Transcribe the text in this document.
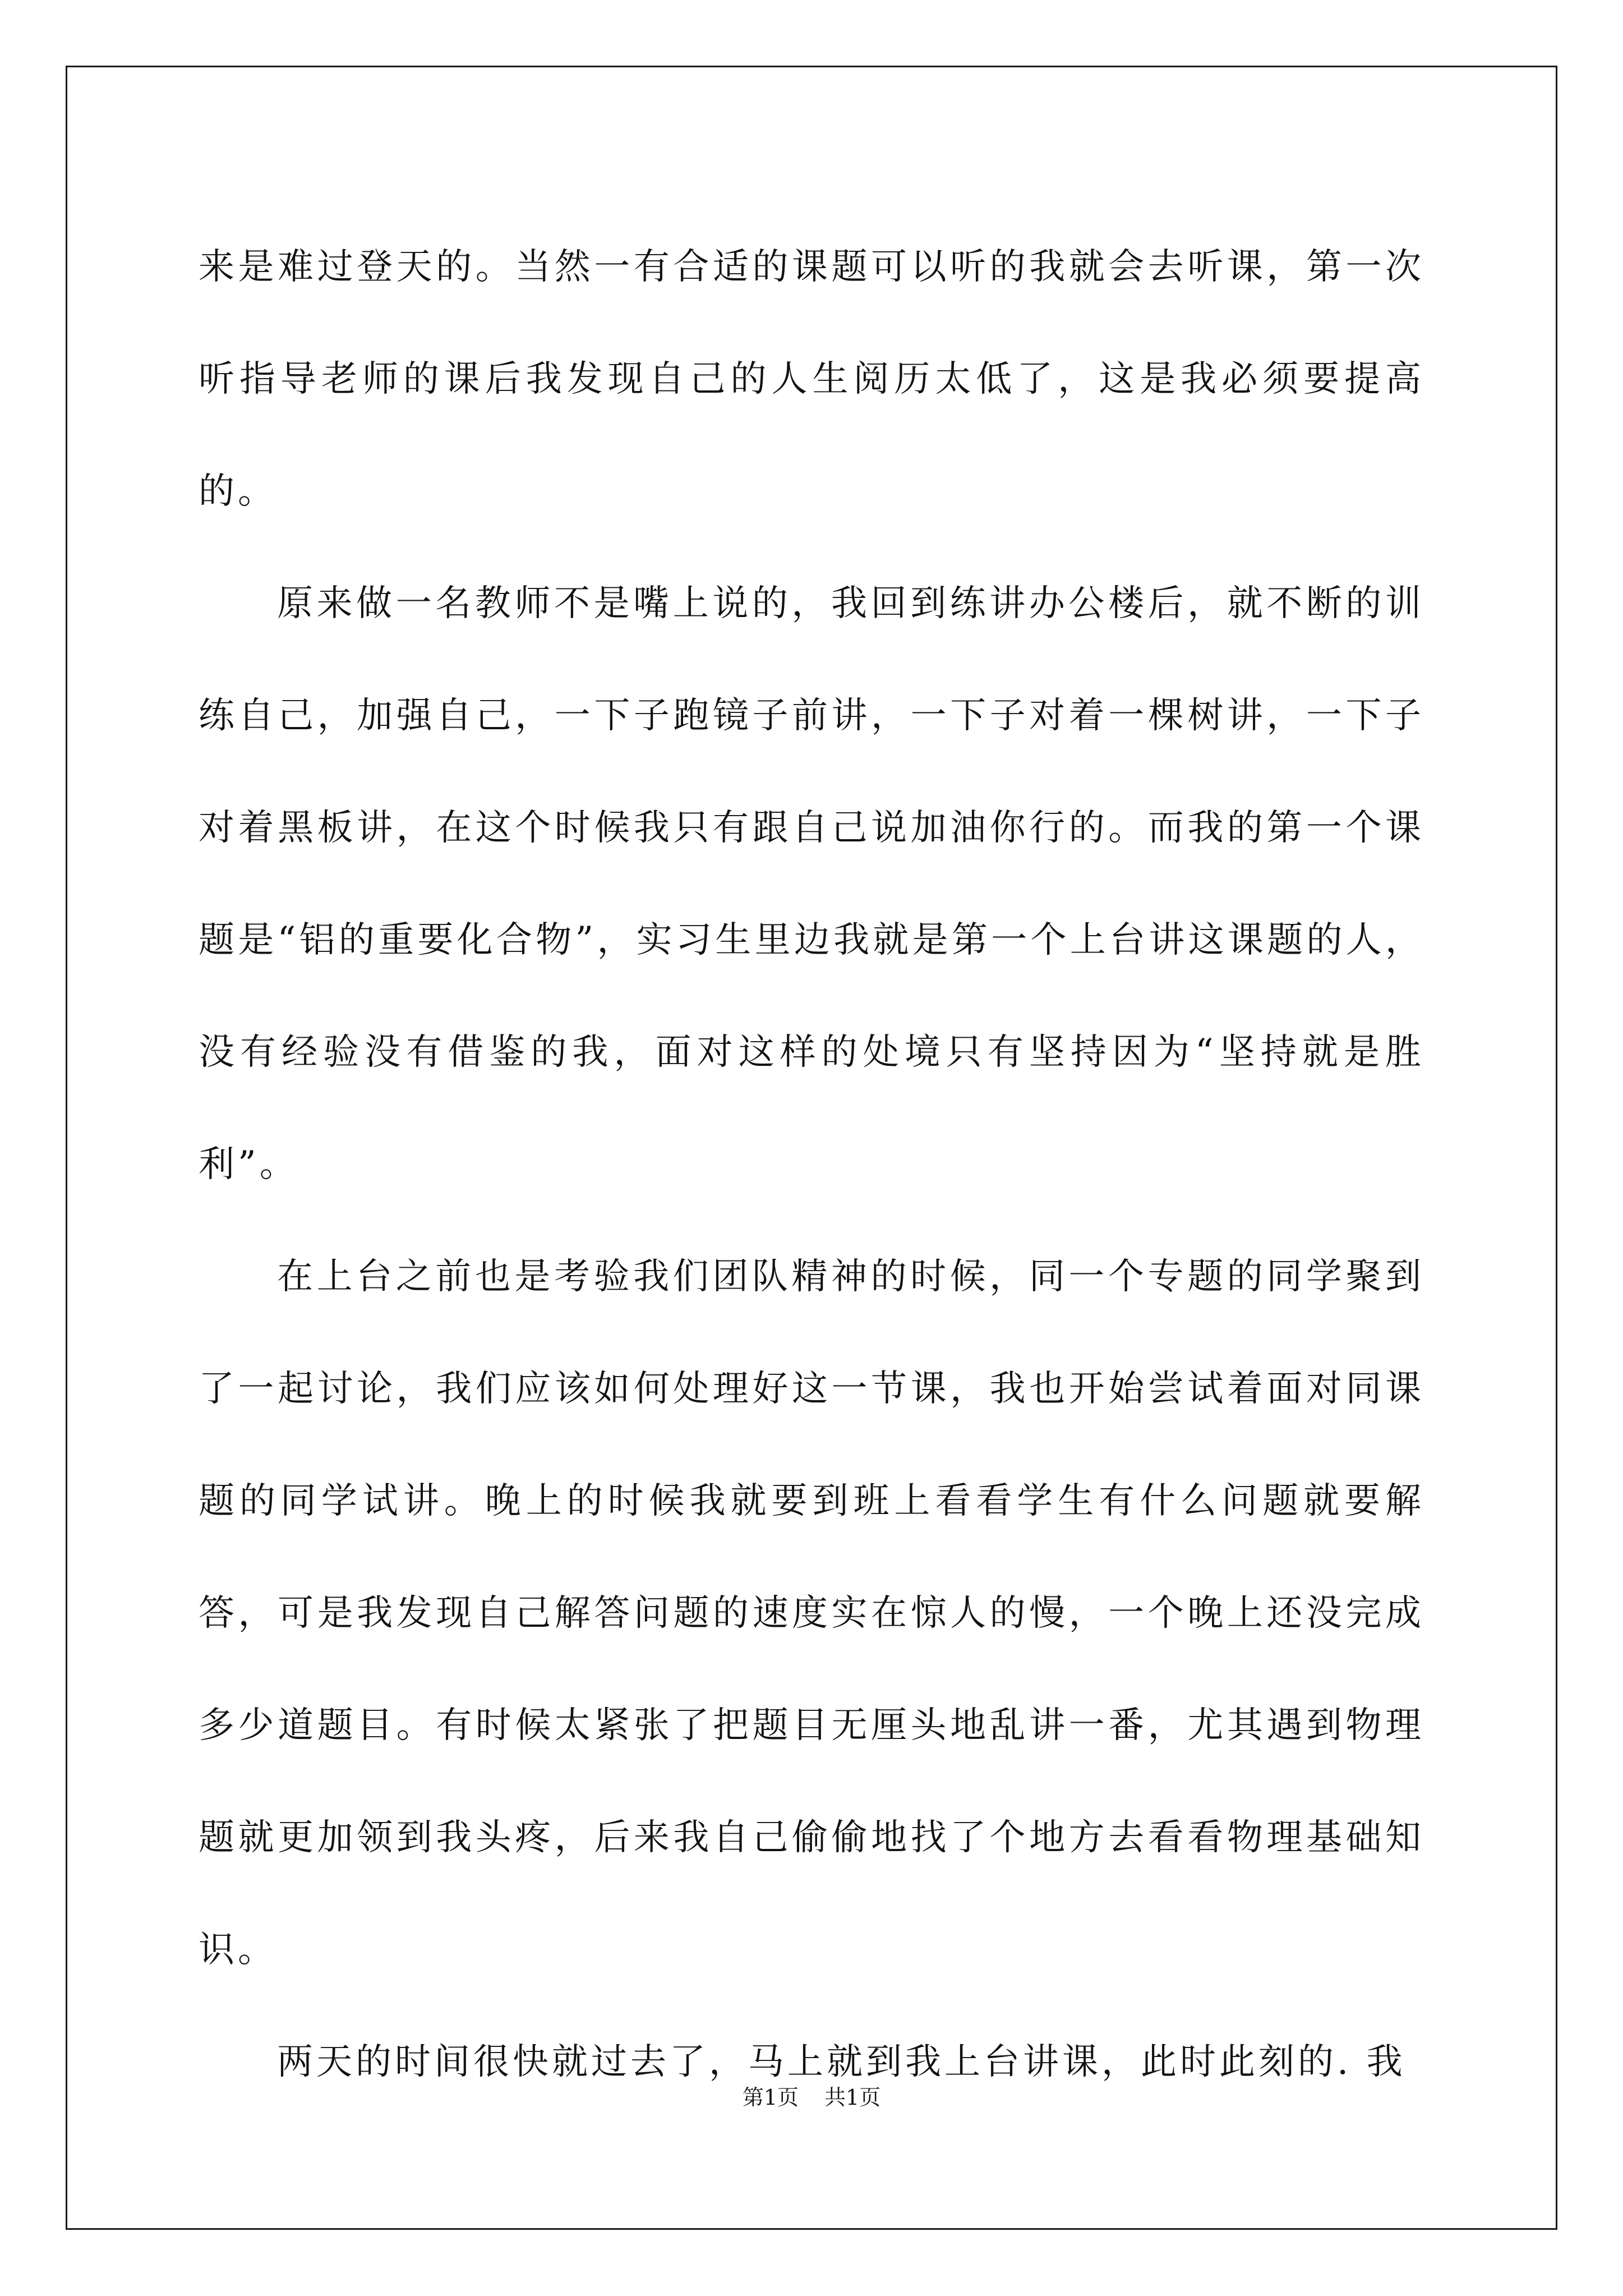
来是难过登天的。当然一有合适的课题可以听的我就会去听课，第一次听指导老师的课后我发现自己的人生阅历太低了，这是我必须要提高的。

原来做一名教师不是嘴上说的，我回到练讲办公楼后，就不断的训练自己，加强自己，一下子跑镜子前讲，一下子对着一棵树讲，一下子对着黑板讲，在这个时候我只有跟自己说加油你行的。而我的第一个课题是“铝的重要化合物”，实习生里边我就是第一个上台讲这课题的人，没有经验没有借鉴的我，面对这样的处境只有坚持因为“坚持就是胜利”。

在上台之前也是考验我们团队精神的时候，同一个专题的同学聚到了一起讨论，我们应该如何处理好这一节课，我也开始尝试着面对同课题的同学试讲。晚上的时候我就要到班上看看学生有什么问题就要解答，可是我发现自己解答问题的速度实在惊人的慢，一个晚上还没完成多少道题目。有时候太紧张了把题目无厘头地乱讲一番，尤其遇到物理题就更加领到我头疼，后来我自己偷偷地找了个地方去看看物理基础知识。

两天的时间很快就过去了，马上就到我上台讲课，此时此刻的. 我

第1页 共1页
